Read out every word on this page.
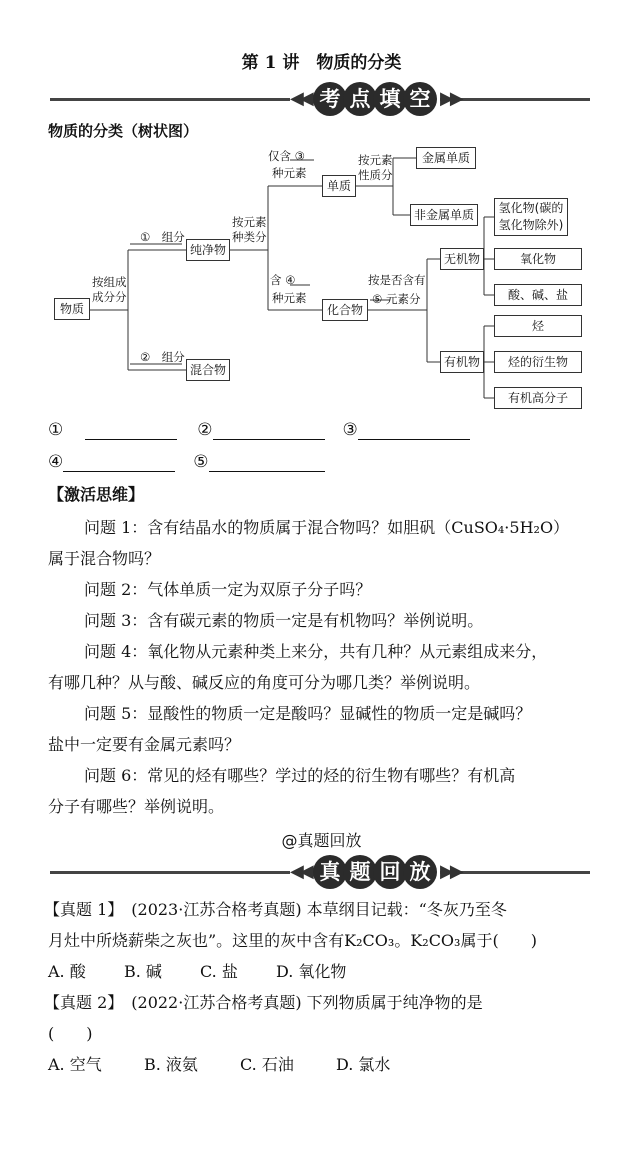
第 1 讲　物质的分类
◀◀ 考 点 填 空 ▶▶
物质的分类（树状图）
物质
按组成
成分分
①　组分
②　组分
纯净物
混合物
按元素
种类分
仅含 ③
种元素
含 ④
种元素
单质
化合物
按元素
性质分
金属单质
非金属单质
按是否含有
⑤ 元素分
无机物
有机物
氢化物(碳的
氢化物除外)
氧化物
酸、碱、盐
烃
烃的衍生物
有机高分子
①	②	③
④	⑤
【激活思维】
问题 1：含有结晶水的物质属于混合物吗？如胆矾（CuSO₄·5H₂O）
属于混合物吗？
问题 2：气体单质一定为双原子分子吗？
问题 3：含有碳元素的物质一定是有机物吗？举例说明。
问题 4：氧化物从元素种类上来分，共有几种？从元素组成来分，
有哪几种？从与酸、碱反应的角度可分为哪几类？举例说明。
问题 5：显酸性的物质一定是酸吗？显碱性的物质一定是碱吗？
盐中一定要有金属元素吗？
问题 6：常见的烃有哪些？学过的烃的衍生物有哪些？有机高
分子有哪些？举例说明。
@真题回放
◀◀ 真 题 回 放 ▶▶
【真题 1】　(2023·江苏合格考真题) 本草纲目记载：“冬灰乃至冬
月灶中所烧薪柴之灰也”。这里的灰中含有K₂CO₃。K₂CO₃属于(　　)
A. 酸 B. 碱 C. 盐 D. 氧化物
【真题 2】　(2022·江苏合格考真题) 下列物质属于纯净物的是
(　　)
A. 空气	B. 液氨	C. 石油	D. 氯水
